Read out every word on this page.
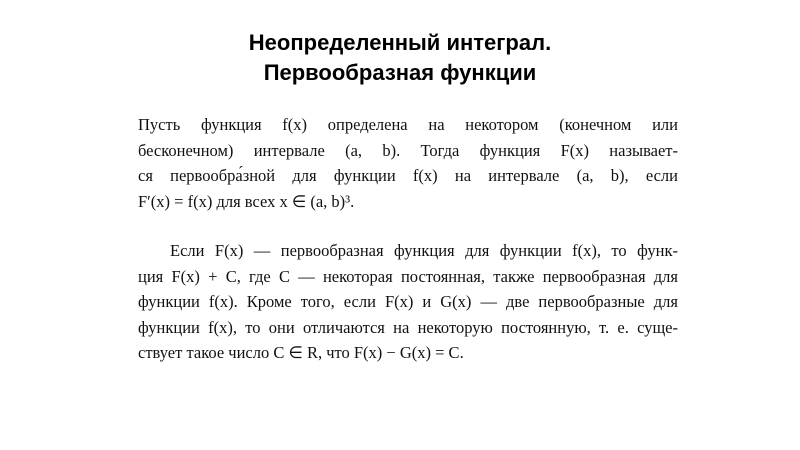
Неопределенный интеграл.
Первообразная функции
Пусть функция f(x) определена на некотором (конечном или
бесконечном) интервале (a, b). Тогда функция F(x) называет-
ся первообра́зной для функции f(x) на интервале (a, b), если
F′(x) = f(x) для всех x ∈ (a, b)³.
Если F(x) — первообразная функция для функции f(x), то функ-
ция F(x) + C, где C — некоторая постоянная, также первообразная для
функции f(x). Кроме того, если F(x) и G(x) — две первообразные для
функции f(x), то они отличаются на некоторую постоянную, т. е. суще-
ствует такое число C ∈ R, что F(x) − G(x) = C.
